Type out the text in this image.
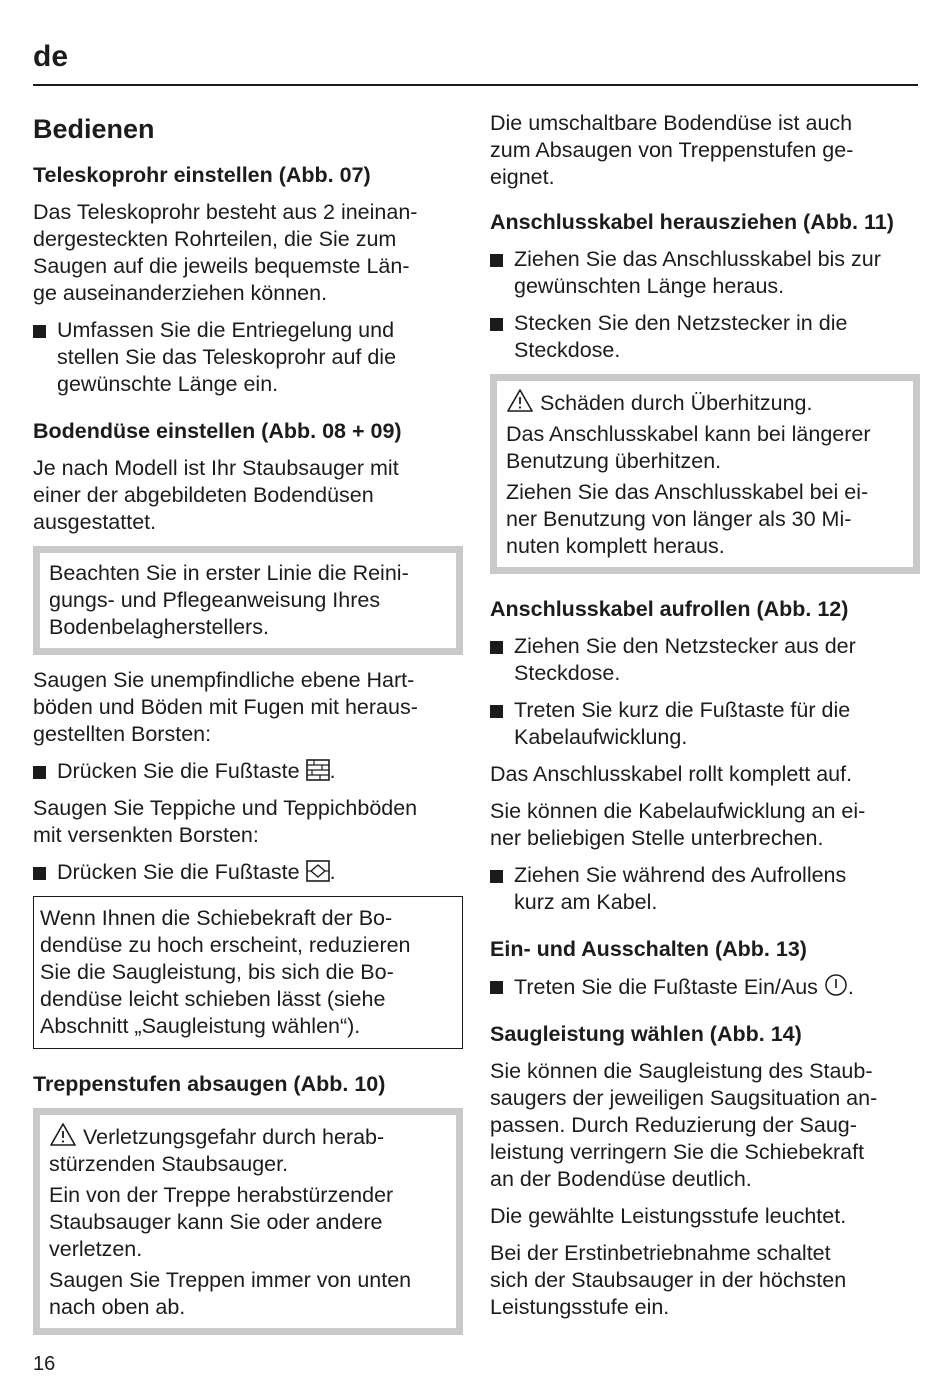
de
Bedienen
Teleskoprohr einstellen (Abb. 07)
Das Teleskoprohr besteht aus 2 ineinan-
dergesteckten Rohrteilen, die Sie zum
Saugen auf die jeweils bequemste Län-
ge auseinanderziehen können.
Umfassen Sie die Entriegelung und
stellen Sie das Teleskoprohr auf die
gewünschte Länge ein.
Bodendüse einstellen (Abb. 08 + 09)
Je nach Modell ist Ihr Staubsauger mit
einer der abgebildeten Bodendüsen
ausgestattet.
Beachten Sie in erster Linie die Reini-
gungs- und Pflegeanweisung Ihres
Bodenbelagherstellers.
Saugen Sie unempfindliche ebene Hart-
böden und Böden mit Fugen mit heraus-
gestellten Borsten:
Drücken Sie die Fußtaste .
Saugen Sie Teppiche und Teppichböden
mit versenkten Borsten:
Drücken Sie die Fußtaste .
Wenn Ihnen die Schiebekraft der Bo-
dendüse zu hoch erscheint, reduzieren
Sie die Saugleistung, bis sich die Bo-
dendüse leicht schieben lässt (siehe
Abschnitt „Saugleistung wählen“).
Treppenstufen absaugen (Abb. 10)
Verletzungsgefahr durch herab-
stürzenden Staubsauger.
Ein von der Treppe herabstürzender
Staubsauger kann Sie oder andere
verletzen.
Saugen Sie Treppen immer von unten
nach oben ab.
Die umschaltbare Bodendüse ist auch
zum Absaugen von Treppenstufen ge-
eignet.
Anschlusskabel herausziehen (Abb. 11)
Ziehen Sie das Anschlusskabel bis zur
gewünschten Länge heraus.
Stecken Sie den Netzstecker in die
Steckdose.
Schäden durch Überhitzung.
Das Anschlusskabel kann bei längerer
Benutzung überhitzen.
Ziehen Sie das Anschlusskabel bei ei-
ner Benutzung von länger als 30 Mi-
nuten komplett heraus.
Anschlusskabel aufrollen (Abb. 12)
Ziehen Sie den Netzstecker aus der
Steckdose.
Treten Sie kurz die Fußtaste für die
Kabelaufwicklung.
Das Anschlusskabel rollt komplett auf.
Sie können die Kabelaufwicklung an ei-
ner beliebigen Stelle unterbrechen.
Ziehen Sie während des Aufrollens
kurz am Kabel.
Ein- und Ausschalten (Abb. 13)
Treten Sie die Fußtaste Ein/Aus .
Saugleistung wählen (Abb. 14)
Sie können die Saugleistung des Staub-
saugers der jeweiligen Saugsituation an-
passen. Durch Reduzierung der Saug-
leistung verringern Sie die Schiebekraft
an der Bodendüse deutlich.
Die gewählte Leistungsstufe leuchtet.
Bei der Erstinbetriebnahme schaltet
sich der Staubsauger in der höchsten
Leistungsstufe ein.
16
